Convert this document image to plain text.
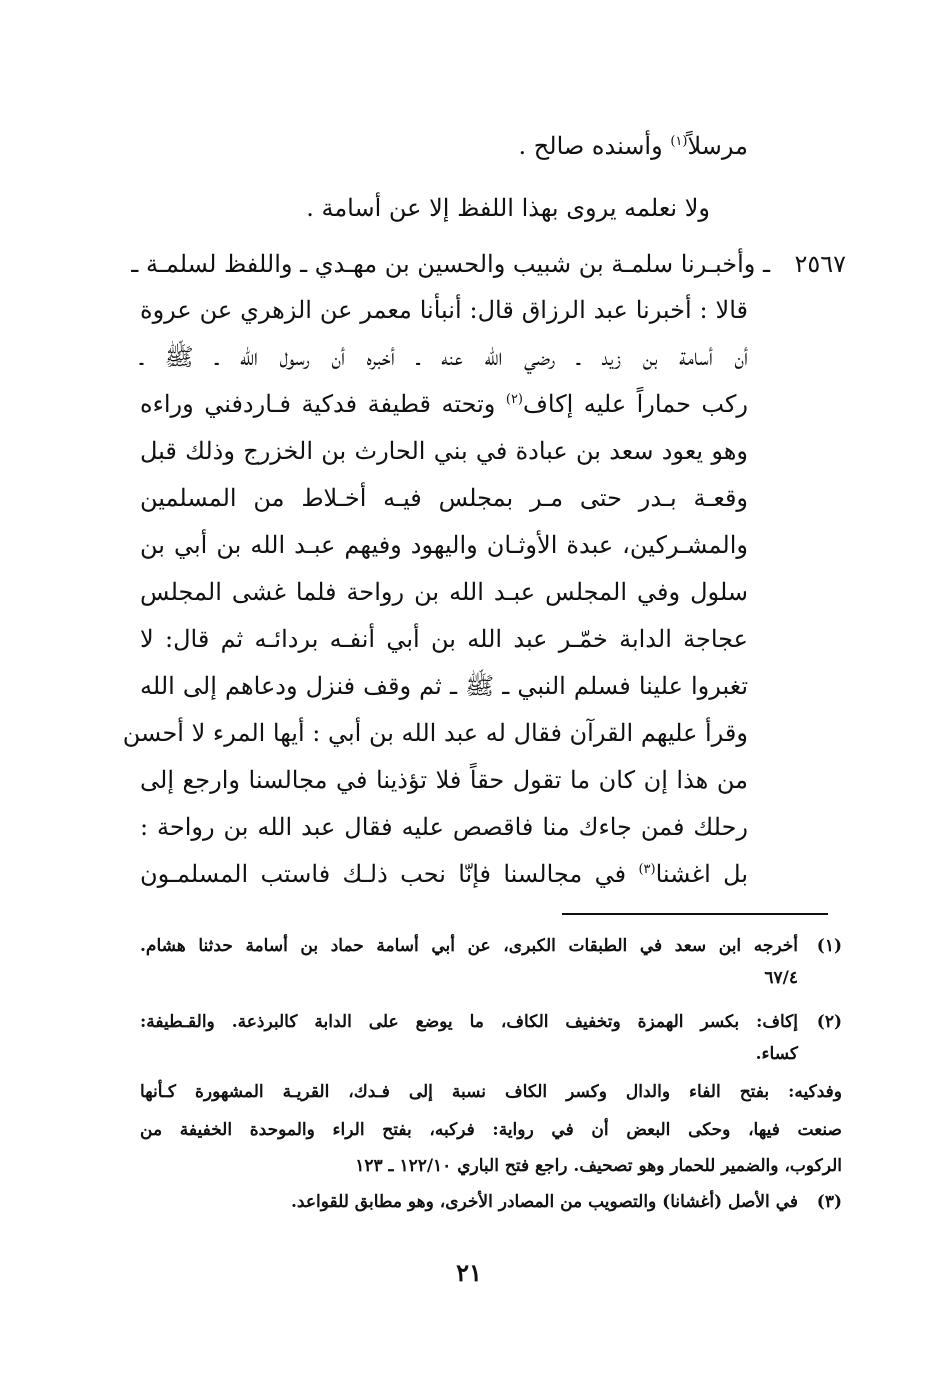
مرسلاً$^{(١)}$ وأسنده صالح .
ولا نعلمه يروى بهذا اللفظ إلا عن أسامة .
٢٥٦٧
ـ وأخبـرنا سلمـة بن شبيب والحسين بن مهـدي ـ واللفظ لسلمـة ـ
قالا : أخبرنا عبد الرزاق قال: أنبأنا معمر عن الزهري عن عروة
أن أسامة بن زيد ـ رضي الله عنه ـ أخبره أن رسول الله ـ ﷺ ـ
ركب حماراً عليه إكاف$^{(٢)}$ وتحته قطيفة فدكية فـاردفني وراءه
وهو يعود سعد بن عبادة في بني الحارث بن الخزرج وذلك قبل
وقعـة بـدر حتى مـر بمجلس فيـه أخـلاط من المسلمين
والمشـركين، عبدة الأوثـان واليهود وفيهم عبـد الله بن أبي بن
سلول وفي المجلس عبـد الله بن رواحة فلما غشى المجلس
عجاجة الدابة خمّـر عبد الله بن أبي أنفـه بردائـه ثم قال: لا
تغبروا علينا فسلم النبي ـ ﷺ ـ ثم وقف فنزل ودعاهم إلى الله
وقرأ عليهم القرآن فقال له عبد الله بن أبي : أيها المرء لا أحسن
من هذا إن كان ما تقول حقاً فلا تؤذينا في مجالسنا وارجع إلى
رحلك فمن جاءك منا فاقصص عليه فقال عبد الله بن رواحة :
بل اغشنا$^{(٣)}$ في مجالسنا فإنّا نحب ذلـك فاستب المسلمـون
(١)
أخرجه ابن سعد في الطبقات الكبرى، عن أبي أسامة حماد بن أسامة حدثنا هشام.
٦٧/٤
(٢)
إكاف: بكسر الهمزة وتخفيف الكاف، ما يوضع على الدابة كالبرذعة. والقـطيفة:
كساء.
وفدكيه: بفتح الفاء والدال وكسر الكاف نسبة إلى فـدك، القريـة المشهورة كـأنها
صنعت فيها، وحكى البعض أن في رواية: فركبه، بفتح الراء والموحدة الخفيفة من
الركوب، والضمير للحمار وهو تصحيف. راجع فتح الباري ١٢٢/١٠ ـ ١٢٣
(٣)
في الأصل (أغشانا) والتصويب من المصادر الأخرى، وهو مطابق للقواعد.
٢١
